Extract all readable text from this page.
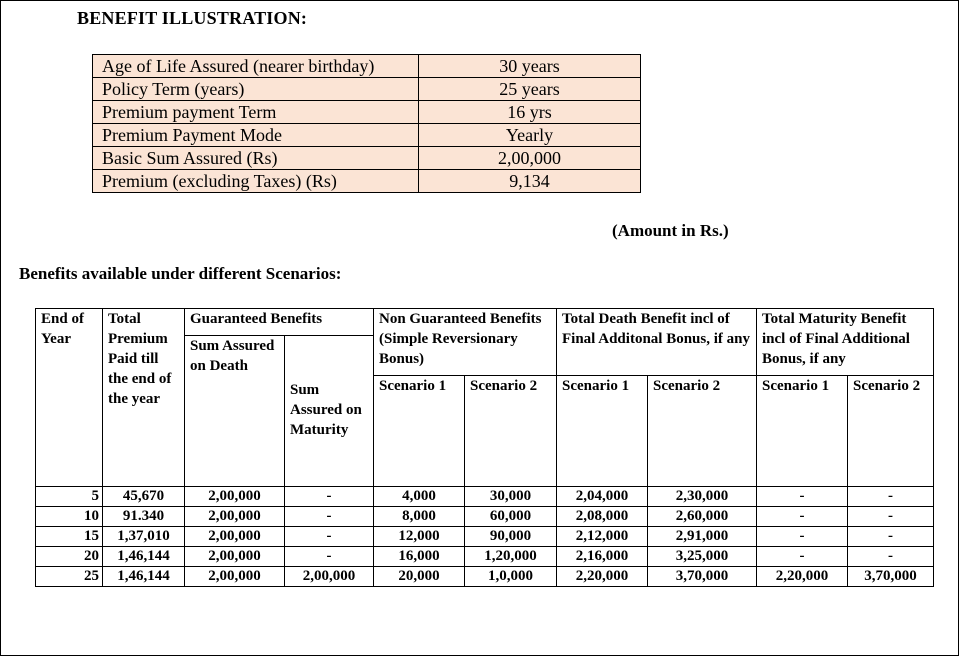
BENEFIT ILLUSTRATION:
Age of Life Assured (nearer birthday)	30 years
Policy Term (years)	25 years
Premium payment Term	16 yrs
Premium Payment Mode	Yearly
Basic Sum Assured (Rs)	2,00,000
Premium (excluding Taxes) (Rs)	9,134
(Amount in Rs.)
Benefits available under different Scenarios:
End of Year	Total Premium Paid till the end of the year	Guaranteed Benefits		Non Guaranteed Benefits (Simple Reversionary Bonus)		Total Death Benefit incl of Final Additonal Bonus, if any		Total Maturity Benefit incl of Final Additional Bonus, if any	
		Sum Assured on Death	Sum Assured on Maturity						
				Scenario 1	Scenario 2	Scenario 1	Scenario 2	Scenario 1	Scenario 2
5	45,670	2,00,000	-	4,000	30,000	2,04,000	2,30,000	-	-
10	91.340	2,00,000	-	8,000	60,000	2,08,000	2,60,000	-	-
15	1,37,010	2,00,000	-	12,000	90,000	2,12,000	2,91,000	-	-
20	1,46,144	2,00,000	-	16,000	1,20,000	2,16,000	3,25,000	-	-
25	1,46,144	2,00,000	2,00,000	20,000	1,0,000	2,20,000	3,70,000	2,20,000	3,70,000
